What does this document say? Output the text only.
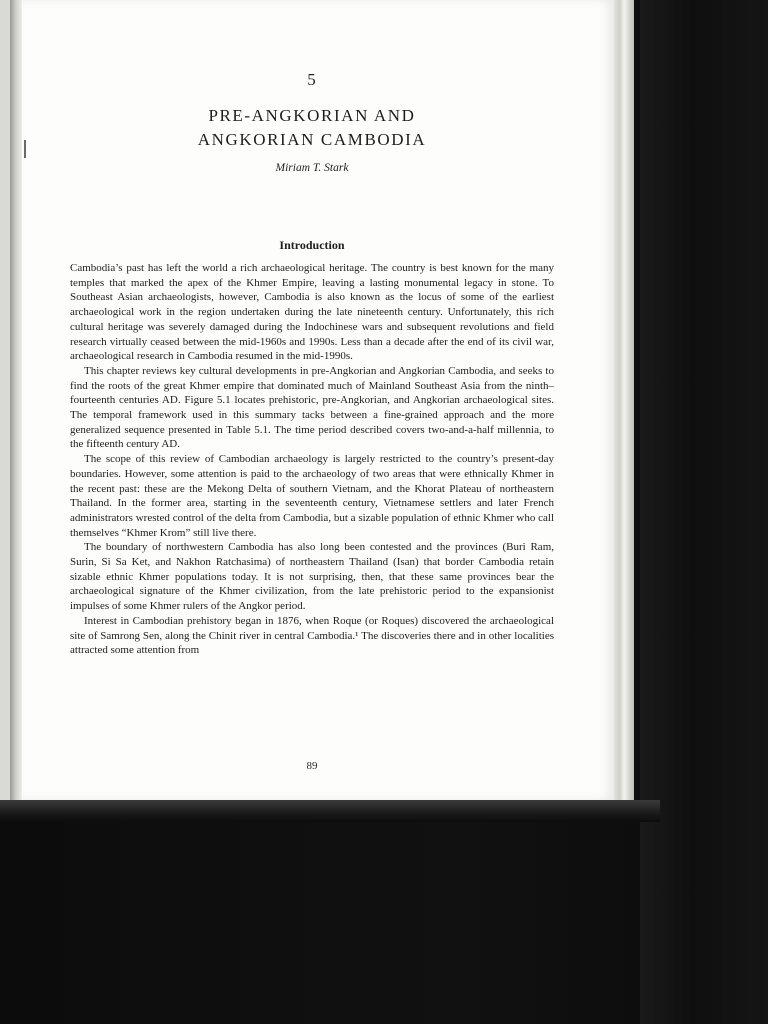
5
PRE-ANGKORIAN AND
ANGKORIAN CAMBODIA
Miriam T. Stark
Introduction

Cambodia’s past has left the world a rich archaeological heritage. The country is best known for the many temples that marked the apex of the Khmer Empire, leaving a lasting monumental legacy in stone. To Southeast Asian archaeologists, however, Cambodia is also known as the locus of some of the earliest archaeological work in the region undertaken during the late nineteenth century. Unfortunately, this rich cultural heritage was severely damaged during the Indochinese wars and subsequent revolutions and field research virtually ceased between the mid-1960s and 1990s. Less than a decade after the end of its civil war, archaeological research in Cambodia resumed in the mid-1990s.

This chapter reviews key cultural developments in pre-Angkorian and Angkorian Cambodia, and seeks to find the roots of the great Khmer empire that dominated much of Mainland Southeast Asia from the ninth–fourteenth centuries AD. Figure 5.1 locates prehistoric, pre-Angkorian, and Angkorian archaeological sites. The temporal framework used in this summary tacks between a fine-grained approach and the more generalized sequence presented in Table 5.1. The time period described covers two-and-a-half millennia, to the fifteenth century AD.

The scope of this review of Cambodian archaeology is largely restricted to the country’s present-day boundaries. However, some attention is paid to the archaeology of two areas that were ethnically Khmer in the recent past: these are the Mekong Delta of southern Vietnam, and the Khorat Plateau of northeastern Thailand. In the former area, starting in the seventeenth century, Vietnamese settlers and later French administrators wrested control of the delta from Cambodia, but a sizable population of ethnic Khmer who call themselves “Khmer Krom” still live there.

The boundary of northwestern Cambodia has also long been contested and the provinces (Buri Ram, Surin, Si Sa Ket, and Nakhon Ratchasima) of northeastern Thailand (Isan) that border Cambodia retain sizable ethnic Khmer populations today. It is not surprising, then, that these same provinces bear the archaeological signature of the Khmer civilization, from the late prehistoric period to the expansionist impulses of some Khmer rulers of the Angkor period.

Interest in Cambodian prehistory began in 1876, when Roque (or Roques) discovered the archaeological site of Samrong Sen, along the Chinit river in central Cambodia.¹ The discoveries there and in other localities attracted some attention from

89
